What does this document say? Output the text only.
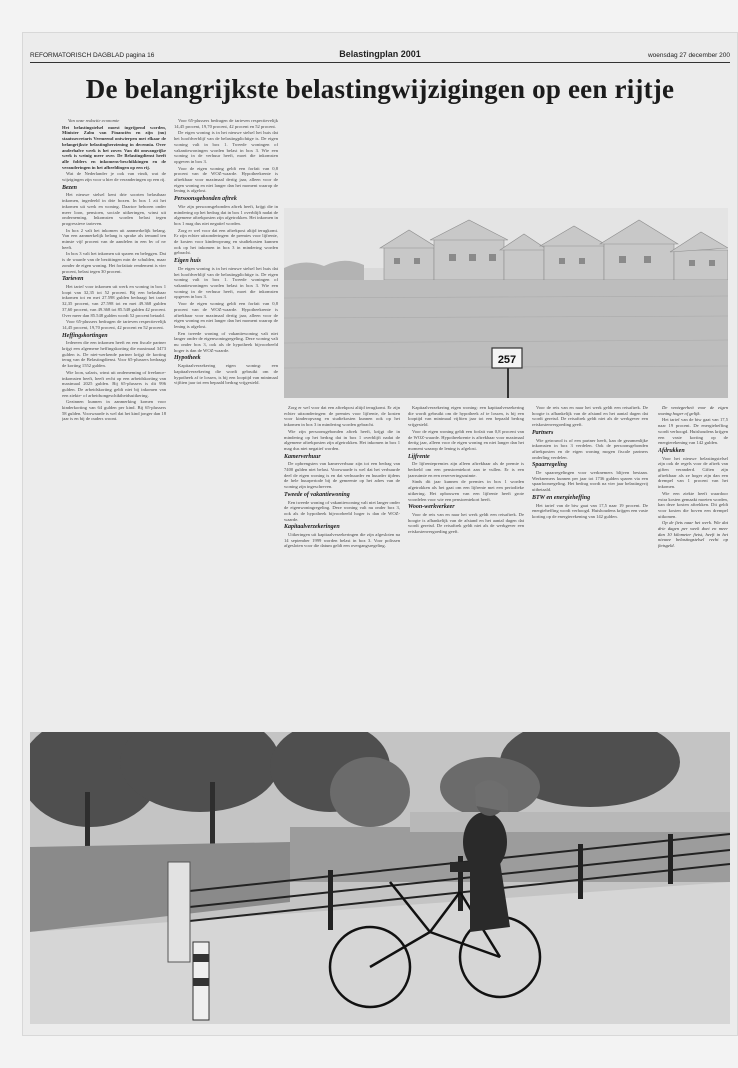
REFORMATORISCH DAGBLAD pagina 16	Belastingplan 2001	woensdag 27 december 200
De belangrijkste belastingwijzigingen op een rijtje

Van onze redactie economie

Het belastingstelsel moest ingrijpend worden, Minister Zalm van Financiën en zijn (nu) staatssecretaris Vermeend ontwierpen met elkaar de belangrijkste belastingherziening in decennia. Over anderhalve week is het zover. Van dit omvangrijke werk is weinig meer over. De Belastingdienst heeft alle folders en inkomens-beschikkingen en de veranderingen in het afbeeldingen op een rij.

Wat de Nederlander je ook van vindt, wat de wijzigingen zijn voor u hier de veranderingen op een rij.

Bezen

Het nieuwe stelsel kent drie soorten belastbaar inkomen, ingedeeld in drie boxen. In box 1 zit het inkomen uit werk en woning. Daartoe behoren onder meer loon, pensioen, sociale uitkeringen, winst uit onderneming. Inkomsten worden belast tegen progressieve tarieven.

In box 2 valt het inkomen uit aanmerkelijk belang. Van een aanmerkelijk belang is sprake als iemand ten minste vijf procent van de aandelen in een bv of nv heeft.

In box 3 valt het inkomen uit sparen en beleggen. Dat is de waarde van de bezittingen min de schulden, maar zonder de eigen woning. Het forfaitair rendement is vier procent, belast tegen 30 procent.

Tarieven

Het tarief voor inkomen uit werk en woning in box 1 loopt van 32,35 tot 52 procent. Bij een belastbaar inkomen tot en met 27.598 gulden bedraagt het tarief 32,35 procent, van 27.598 tot en met 49.368 gulden 37,60 procent, van 49.368 tot 85.548 gulden 42 procent. Over meer dan 85.548 gulden wordt 52 procent betaald.

Voor 65-plussers bedragen de tarieven respectievelijk 14,45 procent, 19,70 procent, 42 procent en 52 procent.

Heffingskortingen

Iedereen die een inkomen heeft en een fiscale partner krijgt een algemene heffingskorting die maximaal 3473 gulden is. De niet-werkende partner krijgt de korting terug van de Belastingdienst. Voor 65-plussers bedraagt de korting 1552 gulden.

Wie loon, salaris, winst uit onderneming of freelance-inkomsten heeft, heeft recht op een arbeidskorting van maximaal 2025 gulden. Bij 65-plussers is dit 996 gulden. De arbeidskorting geldt niet bij inkomen van een ziekte- of arbeidsongeschiktheidsuitkering.

Gezinnen kunnen in aanmerking komen voor kinderkorting van 64 gulden per kind. Bij 65-plussers 58 gulden. Voorwaarde is wel dat het kind jonger dan 18 jaar is en bij de ouders woont.

Voor 65-plussers bedragen de tarieven respectievelijk 14,45 procent, 19,70 procent, 42 procent en 52 procent.

De eigen woning is in het nieuwe stelsel het huis dat het hoofdverblijf van de belastingplichtige is. De eigen woning valt in box 1. Tweede woningen of vakantiewoningen worden belast in box 3. Wie een woning in de verhuur heeft, moet die inkomsten opgeven in box 3.

Voor de eigen woning geldt een forfait van 0,8 procent van de WOZ-waarde. Hypotheekrente is aftrekbaar voor maximaal dertig jaar, alleen voor de eigen woning en niet langer dan het moment waarop de lening is afgelost.

Persoonsgebonden aftrek

Wie zijn persoonsgebonden aftrek heeft, krijgt die in mindering op het bedrag dat in box 1 overblijft nadat de algemene aftrekposten zijn afgetrokken. Het inkomen in box 1 mag dus niet negatief worden.

Zorg er wel voor dat een aftrekpost altijd terugkomt. Er zijn echter uitzonderingen: de premies voor lijfrente, de kosten voor kinderopvang en studiekosten kunnen ook op het inkomen in box 3 in mindering worden gebracht.

Eigen huis

De eigen woning is in het nieuwe stelsel het huis dat het hoofdverblijf van de belastingplichtige is. De eigen woning valt in box 1. Tweede woningen of vakantiewoningen worden belast in box 3. Wie een woning in de verhuur heeft, moet die inkomsten opgeven in box 3.

Voor de eigen woning geldt een forfait van 0,8 procent van de WOZ-waarde. Hypotheekrente is aftrekbaar voor maximaal dertig jaar, alleen voor de eigen woning en niet langer dan het moment waarop de lening is afgelost.

Een tweede woning of vakantiewoning valt niet langer onder de eigenwoningregeling. Deze woning valt nu onder box 3, ook als de hypotheek bijvoorbeeld hoger is dan de WOZ-waarde.

Hypotheek

Kapitaalverzekering eigen woning: een kapitaalverzekering die wordt gebruikt om de hypotheek af te lossen, is bij een looptijd van minimaal vijftien jaar tot een bepaald bedrag vrijgesteld.

257

Zorg er wel voor dat een aftrekpost altijd terugkomt. Er zijn echter uitzonderingen: de premies voor lijfrente, de kosten voor kinderopvang en studiekosten kunnen ook op het inkomen in box 3 in mindering worden gebracht.

Wie zijn persoonsgebonden aftrek heeft, krijgt die in mindering op het bedrag dat in box 1 overblijft nadat de algemene aftrekposten zijn afgetrokken. Het inkomen in box 1 mag dus niet negatief worden.

Kamerverhuur

De opbrengsten van kamerverhuur zijn tot een bedrag van 7400 gulden niet belast. Voorwaarde is wel dat het verhuurde deel de eigen woning is en dat verhuurder en huurder tijdens de hele huurperiode bij de gemeente op het adres van de woning zijn ingeschreven.

Tweede of vakantiewoning

Een tweede woning of vakantiewoning valt niet langer onder de eigenwoningregeling. Deze woning valt nu onder box 3, ook als de hypotheek bijvoorbeeld hoger is dan de WOZ-waarde.

Kapitaalverzekeringen

Uitkeringen uit kapitaalverzekeringen die zijn afgesloten na 14 september 1999 worden belast in box 3. Voor polissen afgesloten voor die datum geldt een overgangsregeling.

Kapitaalverzekering eigen woning: een kapitaalverzekering die wordt gebruikt om de hypotheek af te lossen, is bij een looptijd van minimaal vijftien jaar tot een bepaald bedrag vrijgesteld.

Voor de eigen woning geldt een forfait van 0,8 procent van de WOZ-waarde. Hypotheekrente is aftrekbaar voor maximaal dertig jaar, alleen voor de eigen woning en niet langer dan het moment waarop de lening is afgelost.

Lijfrente

De lijfrentepremies zijn alleen aftrekbaar als de premie is bedoeld om een pensioentekort aan te vullen. Er is een jaarruimte en een reserveringsruimte.

Sinds dit jaar kunnen de premies in box 1 worden afgetrokken als het gaat om een lijfrente met een periodieke uitkering. Het opbouwen van een lijfrente heeft grote voordelen voor wie een pensioentekort heeft.

Woon-werkverkeer

Voor de reis van en naar het werk geldt een reisaftrek. De hoogte is afhankelijk van de afstand en het aantal dagen dat wordt gereisd. De reisaftrek geldt niet als de werkgever een reiskostenvergoeding geeft.

Voor de reis van en naar het werk geldt een reisaftrek. De hoogte is afhankelijk van de afstand en het aantal dagen dat wordt gereisd. De reisaftrek geldt niet als de werkgever een reiskostenvergoeding geeft.

Partners

Wie getrouwd is of een partner heeft, kan de gezamenlijke inkomsten in box 3 verdelen. Ook de persoonsgebonden aftrekposten en de eigen woning mogen fiscale partners onderling verdelen.

Spaarregeling

De spaarregelingen voor werknemers blijven bestaan. Werknemers kunnen per jaar tot 1736 gulden sparen via een spaarloonregeling. Het bedrag wordt na vier jaar belastingvrij uitbetaald.

BTW en energieheffing

Het tarief van de btw gaat van 17,5 naar 19 procent. De energieheffing wordt verhoogd. Huishoudens krijgen een vaste korting op de energierekening van 142 gulden.

De ventegerheit voor de eigen woning hoger of gelijk.

Het tarief van de btw gaat van 17,5 naar 19 procent. De energieheffing wordt verhoogd. Huishoudens krijgen een vaste korting op de energierekening van 142 gulden.

Afdrukken

Voor het nieuwe belastingstelsel zijn ook de regels voor de aftrek van giften veranderd. Giften zijn aftrekbaar als ze hoger zijn dan een drempel van 1 procent van het inkomen.

Wie een ziekte heeft waardoor extra kosten gemaakt moeten worden, kan deze kosten aftrekken. Dit geldt voor kosten die boven een drempel uitkomen.

Op de fiets naar het werk. Wie dat drie dagen per week doet en meer dan 10 kilometer fietst, heeft in het nieuwe belastingstelsel recht op fietsgeld.
